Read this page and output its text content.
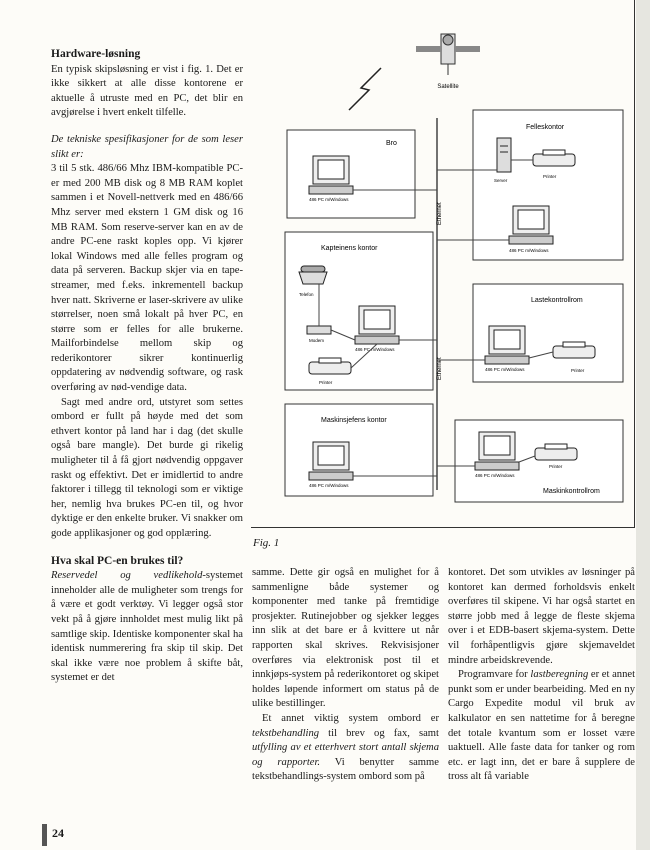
Hardware-løsning

En typisk skipsløsning er vist i fig. 1. Det er ikke sikkert at alle disse kontorene er aktuelle å utruste med en PC, det blir en avgjørelse i hvert enkelt tilfelle.

De tekniske spesifikasjoner for de som leser slikt er:

3 til 5 stk. 486/66 Mhz IBM-kompatible PC-er med 200 MB disk og 8 MB RAM koplet sammen i et Novell-nettverk med en 486/66 Mhz server med ekstern 1 GM disk og 16 MB RAM. Som reserve-server kan en av de andre PC-ene raskt koples opp. Vi kjører lokal Windows med alle felles program og data på serveren. Backup skjer via en tape-streamer, med f.eks. inkrementell backup hver natt. Skriverne er laser-skrivere av ulike størrelser, noen små lokalt på hver PC, en større som er felles for alle brukerne. Mailforbindelse mellom skip og rederikontorer sikrer kontinuerlig oppdatering av nødvendig software, og rask overføring av nød-vendige data.

Sagt med andre ord, utstyret som settes ombord er fullt på høyde med det som ethvert kontor på land har i dag (det skulle også bare mangle). Det burde gi rikelig muligheter til å få gjort nødvendig oppgaver raskt og effektivt. Det er imidlertid to andre faktorer i tillegg til teknologi som er viktige her, nemlig hva brukes PC-en til, og hvor dyktige er den enkelte bruker. Vi snakker om gode applikasjoner og god opplæring.

Hva skal PC-en brukes til?

Reservedel og vedlikehold-systemet inneholder alle de muligheter som trengs for å være et godt verktøy. Vi legger også stor vekt på å gjøre innholdet mest mulig likt på samtlige skip. Identiske komponenter skal ha identisk nummerering fra skip til skip. Det skal ikke være noe problem å skifte båt, systemet er det

Satellite
Ethernet
Ethernet
Bro
Felleskontor
Kapteinens kontor
Lastekontrollrom
Maskinsjefens kontor
Maskinkontrollrom
486 PC m/Windows
486 PC m/Windows
486 PC m/Windows
486 PC m/Windows
486 PC m/Windows
486 PC m/Windows
Server
Printer
Printer
Printer
Printer
Telefon
Modem
Fig. 1

samme. Dette gir også en mulighet for å sammenligne både systemer og komponenter med tanke på fremtidige prosjekter. Rutinejobber og sjekker legges inn slik at det bare er å kvittere ut når rapporten skal skrives. Rekvisisjoner overføres via elektronisk post til et innkjøps-system på rederikontoret og skipet holdes løpende informert om status på de ulike bestillinger.

Et annet viktig system ombord er tekstbehandling til brev og fax, samt utfylling av et etterhvert stort antall skjema og rapporter. Vi benytter samme tekstbehandlings-system ombord som på

kontoret. Det som utvikles av løsninger på kontoret kan dermed forholdsvis enkelt overføres til skipene. Vi har også startet en større jobb med å legge de fleste skjema over i et EDB-basert skjema-system. Dette vil forhåpentligvis gjøre skjemaveldet mindre arbeidskrevende.

Programvare for lastberegning er et annet punkt som er under bearbeiding. Med en ny Cargo Expedite modul vil bruk av kalkulator en sen nattetime for å beregne det totale kvantum som er losset være uaktuell. Alle faste data for tanker og rom etc. er lagt inn, det er bare å supplere de tross alt få variable

24
